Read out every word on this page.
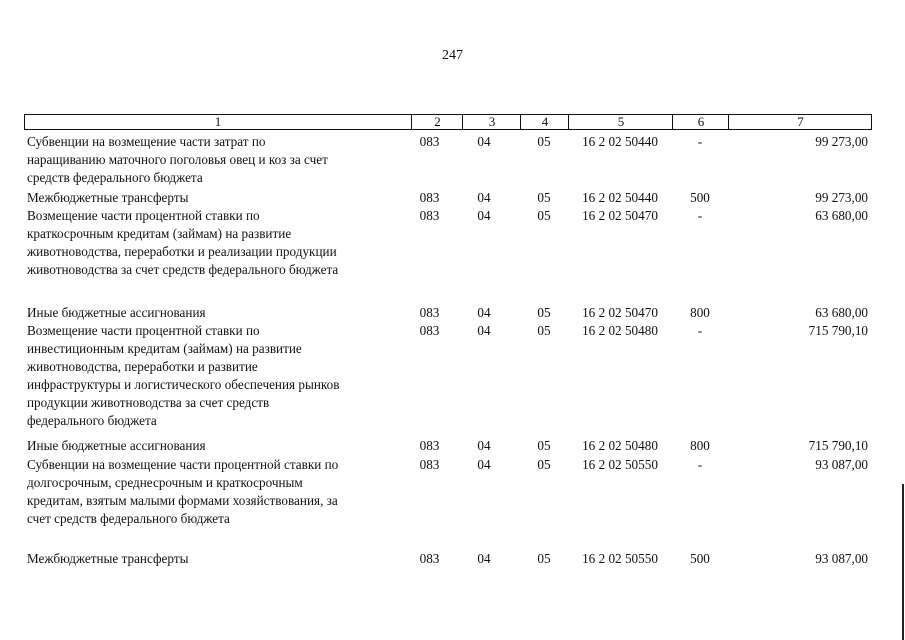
247
1	2	3	4	5	6	7
Субвенции на возмещение части затрат по
наращиванию маточного поголовья овец и коз за счет
средств федерального бюджета
083	04	05	16 2 02 50440	-	99 273,00
Межбюджетные трансферты	083	04	05	16 2 02 50440	500	99 273,00
Возмещение части процентной ставки по
краткосрочным кредитам (займам) на развитие
животноводства, переработки и реализации продукции
животноводства за счет средств федерального бюджета
083	04	05	16 2 02 50470	-	63 680,00
Иные бюджетные ассигнования	083	04	05	16 2 02 50470	800	63 680,00
Возмещение части процентной ставки по
инвестиционным кредитам (займам) на развитие
животноводства, переработки и развитие
инфраструктуры и логистического обеспечения рынков
продукции животноводства за счет средств
федерального бюджета
083	04	05	16 2 02 50480	-	715 790,10
Иные бюджетные ассигнования	083	04	05	16 2 02 50480	800	715 790,10
Субвенции на возмещение части процентной ставки по
долгосрочным, среднесрочным и краткосрочным
кредитам, взятым малыми формами хозяйствования, за
счет средств федерального бюджета
083	04	05	16 2 02 50550	-	93 087,00
Межбюджетные трансферты	083	04	05	16 2 02 50550	500	93 087,00
